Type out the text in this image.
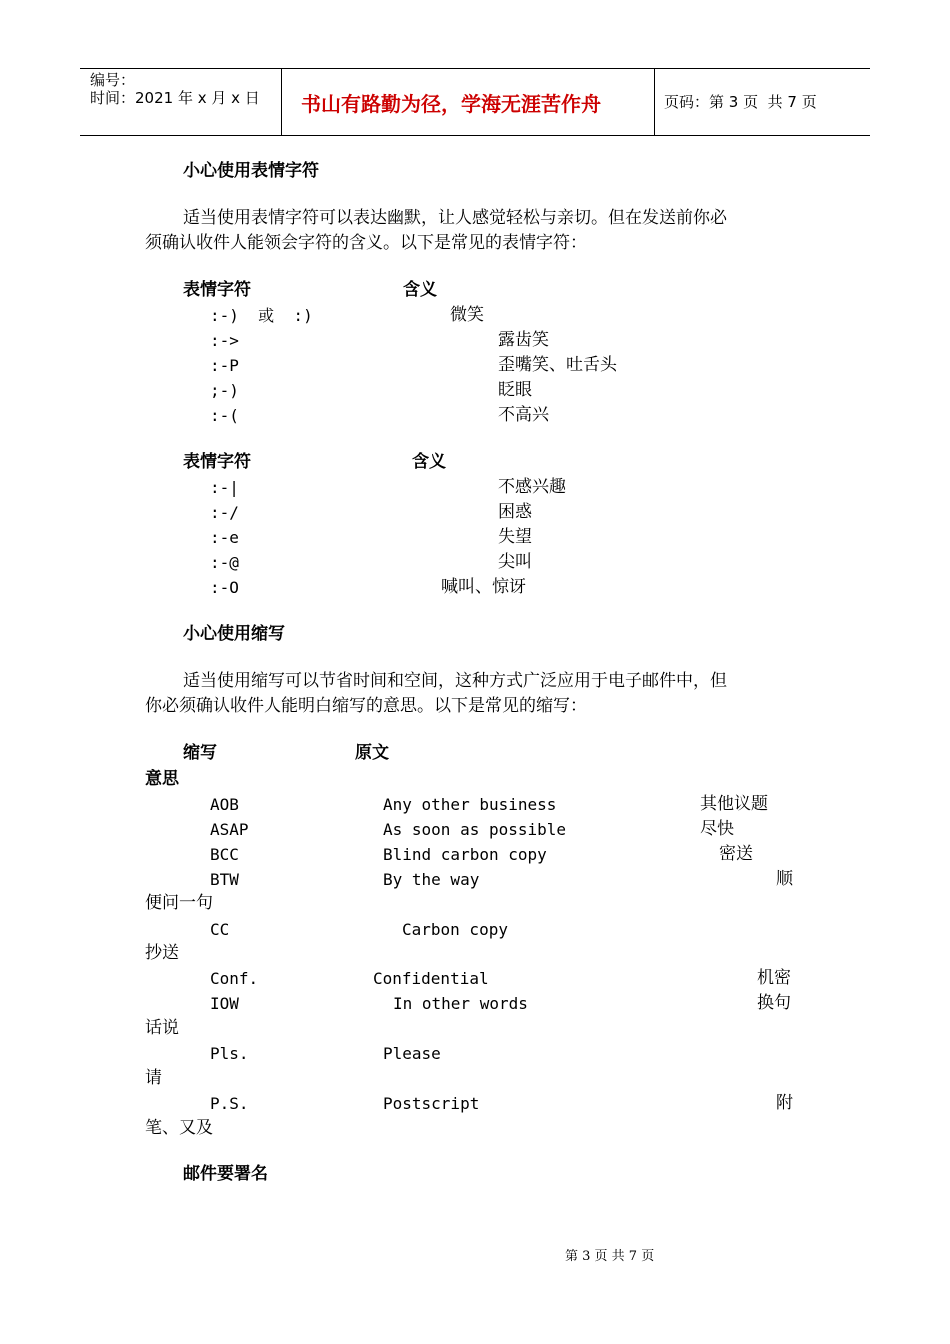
编号：
时间：2021 年 x 月 x 日 书山有路勤为径，学海无涯苦作舟	页码：第 3 页  共 7 页
小心使用表情字符
适当使用表情字符可以表达幽默，让人感觉轻松与亲切。但在发送前你必
须确认收件人能领会字符的含义。以下是常见的表情字符：
表情字符	含义
:-)  或  :)	微笑
:->	露齿笑
:-P	歪嘴笑、吐舌头
;-)	眨眼
:-(	不高兴
表情字符	含义
:-|	不感兴趣
:-/	困惑
:-e	失望
:-@	尖叫
:-O	喊叫、惊讶
小心使用缩写
适当使用缩写可以节省时间和空间，这种方式广泛应用于电子邮件中，但
你必须确认收件人能明白缩写的意思。以下是常见的缩写：
缩写	原文
意思
AOB	Any other business	其他议题
ASAP	As soon as possible	尽快
BCC	Blind carbon copy	密送
BTW	By the way	顺
便问一句
CC	Carbon copy
抄送
Conf.	Confidential	机密
IOW	In other words	换句
话说
Pls.	Please
请
P.S.	Postscript	附
笔、又及
邮件要署名
第 3 页 共 7 页
